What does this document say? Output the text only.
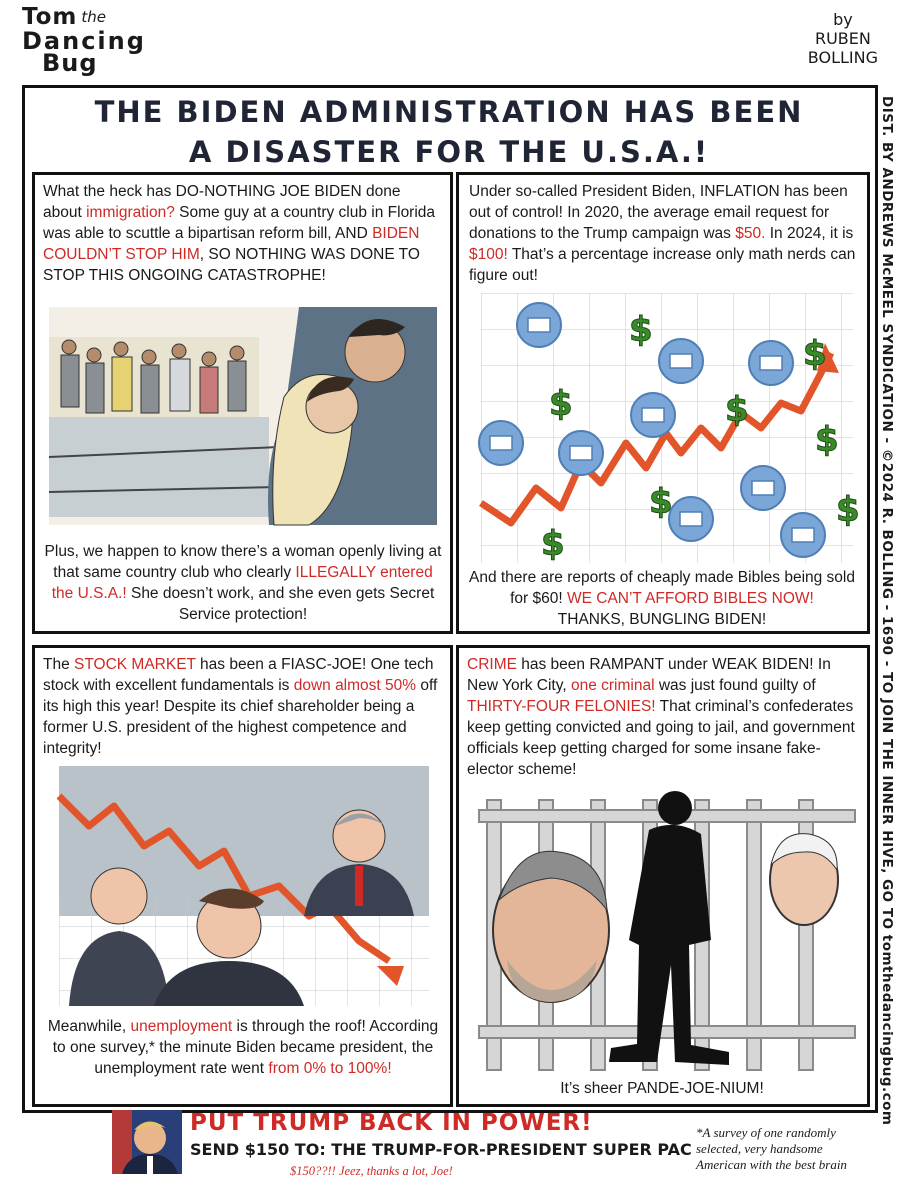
Tom the
Dancing
Bug
by
RUBEN
BOLLING
THE BIDEN ADMINISTRATION HAS BEEN
A DISASTER FOR THE U.S.A.!	DIST. BY ANDREWS McMEEL SYNDICATION - ©2024 R. BOLLING - 1690 - TO JOIN THE INNER HIVE, GO TO tomthedancingbug.com
What the heck has DO-NOTHING JOE BIDEN done about immigration? Some guy at a country club in Florida was able to scuttle a bipartisan reform bill, AND BIDEN COULDN’T STOP HIM, SO NOTHING WAS DONE TO STOP THIS ONGOING CATASTROPHE!
Plus, we happen to know there’s a woman openly living at that same country club who clearly ILLEGALLY entered the U.S.A.! She doesn’t work, and she even gets Secret Service protection!
Under so-called President Biden, INFLATION has been out of control! In 2020, the average email request for donations to the Trump campaign was $50. In 2024, it is $100! That’s a percentage increase only math nerds can figure out!
$
$
$	$
$
$	$
$
And there are reports of cheaply made Bibles being sold for $60! WE CAN’T AFFORD BIBLES NOW!
THANKS, BUNGLING BIDEN!
The STOCK MARKET has been a FIASC-JOE! One tech stock with excellent fundamentals is down almost 50% off its high this year! Despite its chief shareholder being a former U.S. president of the highest competence and integrity!
Meanwhile, unemployment is through the roof! According to one survey,* the minute Biden became president, the unemployment rate went from 0% to 100%!
CRIME has been RAMPANT under WEAK BIDEN! In New York City, one criminal was just found guilty of THIRTY-FOUR FELONIES! That criminal’s confederates keep getting convicted and going to jail, and government officials keep getting charged for some insane fake-elector scheme!
It’s sheer PANDE-JOE-NIUM!
PUT TRUMP BACK IN POWER!
SEND $150 TO: THE TRUMP-FOR-PRESIDENT SUPER PAC
$150??!! Jeez, thanks a lot, Joe!
*A survey of one randomly selected, very handsome American with the best brain
